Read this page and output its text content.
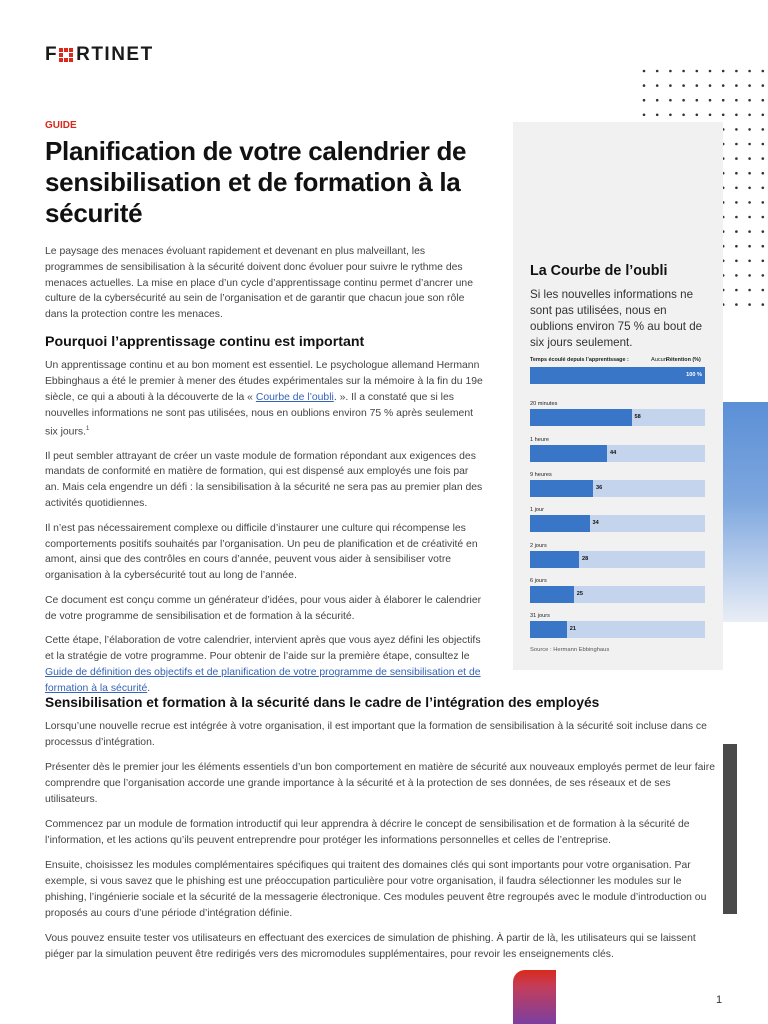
F RTINET
GUIDE
Planification de votre calendrier de sensibilisation et de formation à la sécurité

Le paysage des menaces évoluant rapidement et devenant en plus malveillant, les programmes de sensibilisation à la sécurité doivent donc évoluer pour suivre le rythme des menaces actuelles. La mise en place d’un cycle d’apprentissage continu permet d’ancrer une culture de la cybersécurité au sein de l’organisation et de garantir que chacun joue son rôle dans la protection contre les menaces.

Pourquoi l’apprentissage continu est important

Un apprentissage continu et au bon moment est essentiel. Le psychologue allemand Hermann Ebbinghaus a été le premier à mener des études expérimentales sur la mémoire à la fin du 19e siècle, ce qui a abouti à la découverte de la « Courbe de l’oubli. ». Il a constaté que si les nouvelles informations ne sont pas utilisées, nous en oublions environ 75 % après seulement six jours.$^1$

Il peut sembler attrayant de créer un vaste module de formation répondant aux exigences des mandats de conformité en matière de formation, qui est dispensé aux employés une fois par an. Mais cela engendre un défi : la sensibilisation à la sécurité ne sera pas au premier plan des activités quotidiennes.

Il n’est pas nécessairement complexe ou difficile d’instaurer une culture qui récompense les comportements positifs souhaités par l’organisation. Un peu de planification et de créativité en amont, ainsi que des contrôles en cours d’année, peuvent vous aider à sensibiliser votre organisation à la cybersécurité tout au long de l’année.

Ce document est conçu comme un générateur d’idées, pour vous aider à élaborer le calendrier de votre programme de sensibilisation et de formation à la sécurité.

Cette étape, l’élaboration de votre calendrier, intervient après que vous ayez défini les objectifs et la stratégie de votre programme. Pour obtenir de l’aide sur la première étape, consultez le Guide de définition des objectifs et de planification de votre programme de sensibilisation et de formation à la sécurité.

Sensibilisation et formation à la sécurité dans le cadre de l’intégration des employés

Lorsqu’une nouvelle recrue est intégrée à votre organisation, il est important que la formation de sensibilisation à la sécurité soit incluse dans ce processus d’intégration.

Présenter dès le premier jour les éléments essentiels d’un bon comportement en matière de sécurité aux nouveaux employés permet de leur faire comprendre que l’organisation accorde une grande importance à la sécurité et à la protection de ses données, de ses réseaux et de ses utilisateurs.

Commencez par un module de formation introductif qui leur apprendra à décrire le concept de sensibilisation et de formation à la sécurité de l’information, et les actions qu’ils peuvent entreprendre pour protéger les informations personnelles et celles de l’entreprise.

Ensuite, choisissez les modules complémentaires spécifiques qui traitent des domaines clés qui sont importants pour votre organisation. Par exemple, si vous savez que le phishing est une préoccupation particulière pour votre organisation, il faudra sélectionner les modules sur le phishing, l’ingénierie sociale et la sécurité de la messagerie électronique. Ces modules peuvent être regroupés avec le module d’introduction ou proposés au cours d’une période d’intégration définie.

Vous pouvez ensuite tester vos utilisateurs en effectuant des exercices de simulation de phishing. À partir de là, les utilisateurs qui se laissent piéger par la simulation peuvent être redirigés vers des micromodules supplémentaires, pour revoir les enseignements clés.

La Courbe de l’oubli
Si les nouvelles informations ne sont pas utilisées, nous en oublions environ 75 % au bout de six jours seulement.
Temps écoulé depuis l’apprentissage :	Rétention (%)
Aucun
100 %
20 minutes
58
1 heure
44
9 heures
36
1 jour
34
2 jours
28
6 jours
25
31 jours
21
Source : Hermann Ebbinghaus
1
